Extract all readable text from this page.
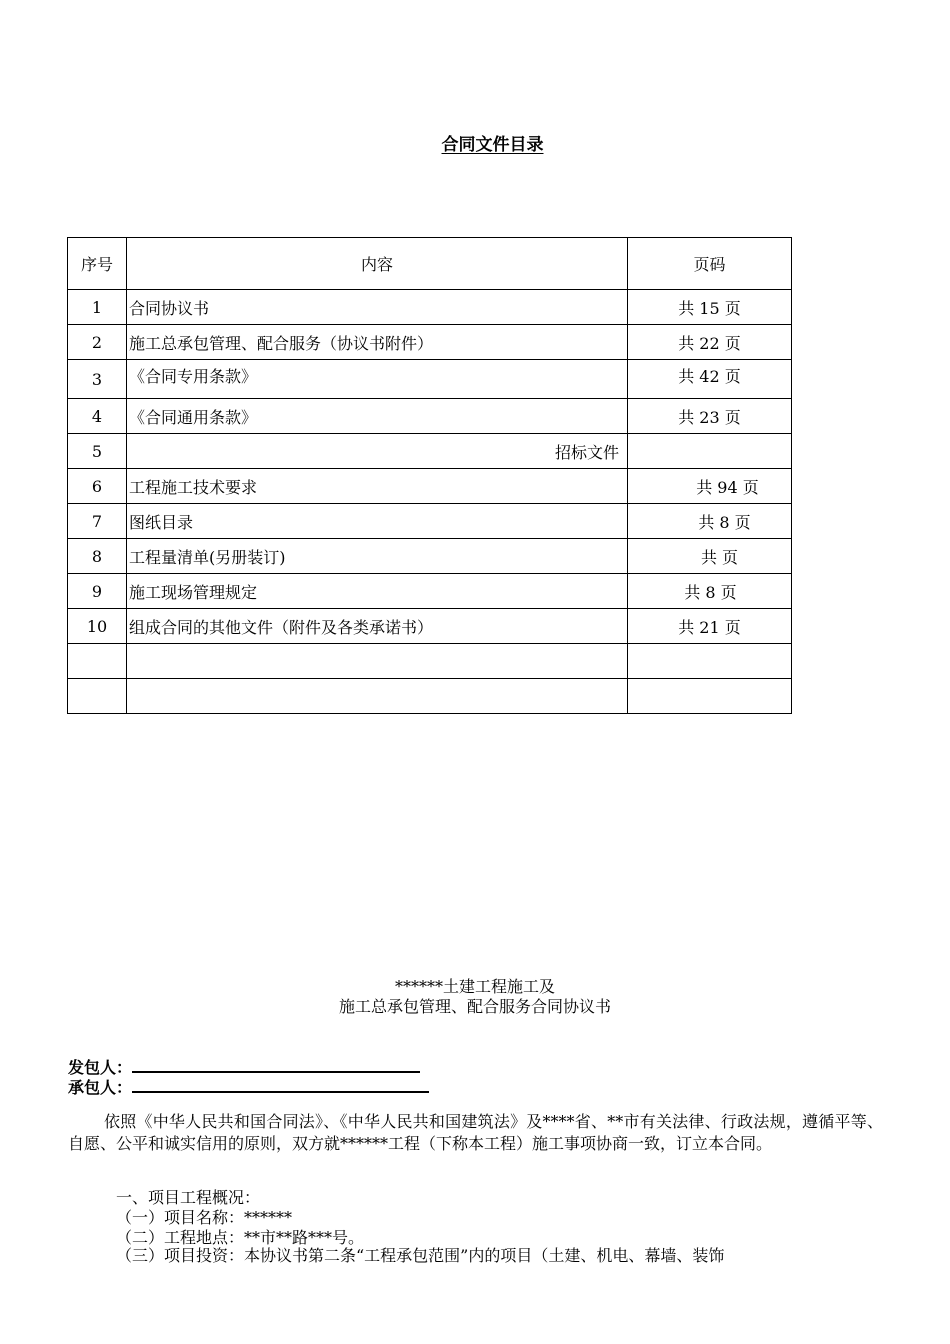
合同文件目录
序号	内容	页码
1	合同协议书	共 15 页
2	施工总承包管理、配合服务（协议书附件）	共 22 页
3	《合同专用条款》	共 42 页
4	《合同通用条款》	共 23 页
5	招标文件	
6	工程施工技术要求	共 94 页
7	图纸目录	共 8 页
8	工程量清单(另册装订)	共 页
9	施工现场管理规定	共 8 页
10	组成合同的其他文件（附件及各类承诺书）	共 21 页

******土建工程施工及
施工总承包管理、配合服务合同协议书
发包人：
承包人：
依照《中华人民共和国合同法》、《中华人民共和国建筑法》及****省、**市有关法律、行政法规，遵循平等、自愿、公平和诚实信用的原则，双方就******工程（下称本工程）施工事项协商一致，订立本合同。
一、项目工程概况：
（一）项目名称：******
（二）工程地点：**市**路***号。
（三）项目投资：本协议书第二条“工程承包范围”内的项目（土建、机电、幕墙、装饰
